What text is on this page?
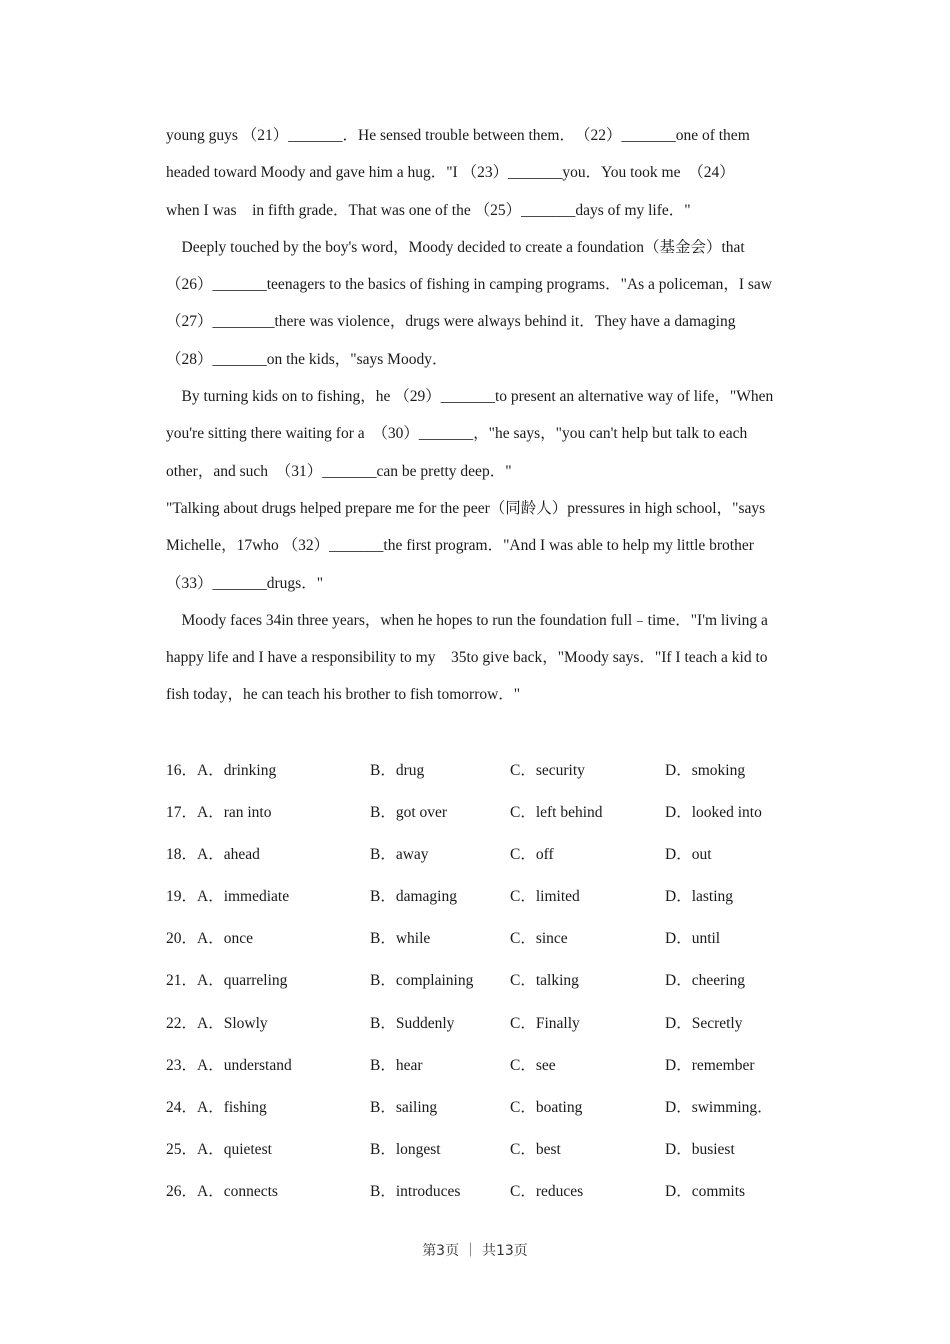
young guys （21）_______．He sensed trouble between them．　（22）_______one of them
headed toward Moody and gave him a hug．"I （23）_______you．You took me　（24）
when I was　in fifth grade．That was one of the （25）_______days of my life．"
　Deeply touched by the boy's word，Moody decided to create a foundation（基金会）that
（26）_______teenagers to the basics of fishing in camping programs．"As a policeman，I saw
（27）________there was violence，drugs were always behind it．They have a damaging
（28）_______on the kids，"says Moody．
　By turning kids on to fishing，he （29）_______to present an alternative way of life，"When
you're sitting there waiting for a　（30）_______，"he says，"you can't help but talk to each
other，and such　（31）_______can be pretty deep．"
"Talking about drugs helped prepare me for the peer（同龄人）pressures in high school，"says
Michelle，17who （32）_______the first program．"And I was able to help my little brother
（33）_______drugs．"
　Moody faces 34in three years，when he hopes to run the foundation full﹣time．"I'm living a
happy life and I have a responsibility to my　35to give back，"Moody says．"If I teach a kid to
fish today，he can teach his brother to fish tomorrow．"
16．A．drinking	B．drug	C．security	D．smoking
17．A．ran into	B．got over	C．left behind	D．looked into
18．A．ahead	B．away	C．off	D．out
19．A．immediate	B．damaging	C．limited	D．lasting
20．A．once	B．while	C．since	D．until
21．A．quarreling	B．complaining C．talking	D．cheering
22．A．Slowly	B．Suddenly	C．Finally	D．Secretly
23．A．understand	B．hear	C．see	D．remember
24．A．fishing	B．sailing	C．boating	D．swimming．
25．A．quietest	B．longest	C．best	D．busiest
26．A．connects	B．introduces	C．reduces	D．commits
第3页 ｜ 共13页
